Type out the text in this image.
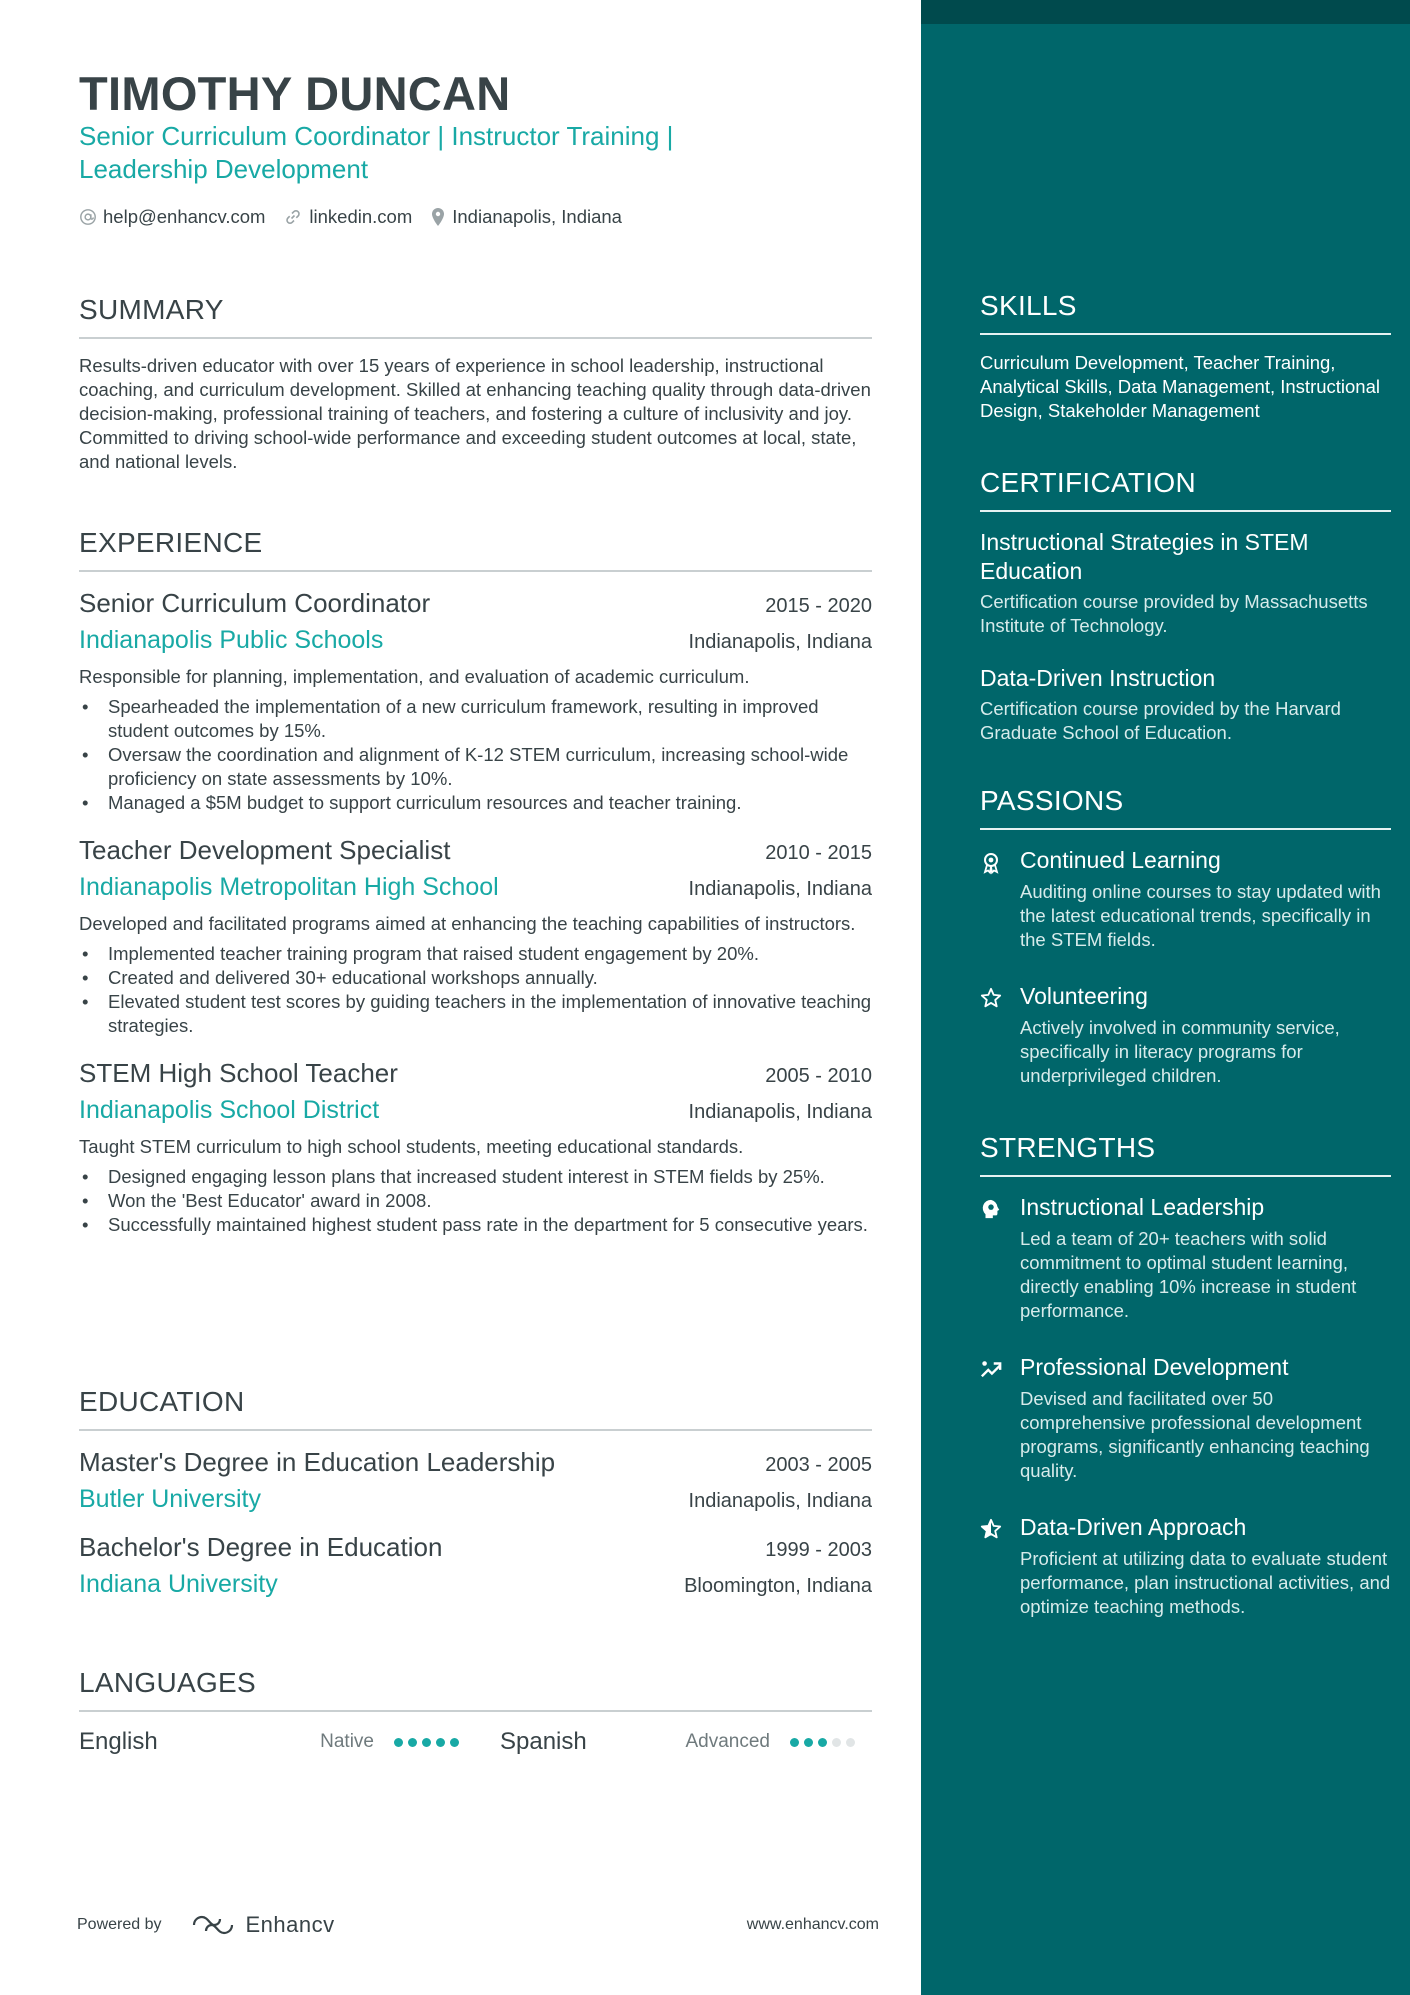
TIMOTHY DUNCAN
Senior Curriculum Coordinator | Instructor Training |
Leadership Development
help@enhancv.com linkedin.com Indianapolis, Indiana
SUMMARY
Results-driven educator with over 15 years of experience in school leadership, instructional coaching, and curriculum development. Skilled at enhancing teaching quality through data-driven decision-making, professional training of teachers, and fostering a culture of inclusivity and joy. Committed to driving school-wide performance and exceeding student outcomes at local, state, and national levels.
EXPERIENCE
Senior Curriculum Coordinator	2015 - 2020
Indianapolis Public Schools	Indianapolis, Indiana
Responsible for planning, implementation, and evaluation of academic curriculum.
• Spearheaded the implementation of a new curriculum framework, resulting in improved student outcomes by 15%.
• Oversaw the coordination and alignment of K-12 STEM curriculum, increasing school-wide proficiency on state assessments by 10%.
• Managed a $5M budget to support curriculum resources and teacher training.
Teacher Development Specialist	2010 - 2015
Indianapolis Metropolitan High School	Indianapolis, Indiana
Developed and facilitated programs aimed at enhancing the teaching capabilities of instructors.
• Implemented teacher training program that raised student engagement by 20%.
• Created and delivered 30+ educational workshops annually.
• Elevated student test scores by guiding teachers in the implementation of innovative teaching strategies.
STEM High School Teacher	2005 - 2010
Indianapolis School District	Indianapolis, Indiana
Taught STEM curriculum to high school students, meeting educational standards.
• Designed engaging lesson plans that increased student interest in STEM fields by 25%.
• Won the 'Best Educator' award in 2008.
• Successfully maintained highest student pass rate in the department for 5 consecutive years.
EDUCATION
Master's Degree in Education Leadership	2003 - 2005
Butler University	Indianapolis, Indiana
Bachelor's Degree in Education	1999 - 2003
Indiana University	Bloomington, Indiana
LANGUAGES
English	Native	Spanish	Advanced
SKILLS
Curriculum Development, Teacher Training, Analytical Skills, Data Management, Instructional Design, Stakeholder Management
CERTIFICATION
Instructional Strategies in STEM Education
Certification course provided by Massachusetts Institute of Technology.
Data-Driven Instruction
Certification course provided by the Harvard Graduate School of Education.
PASSIONS
Continued Learning
Auditing online courses to stay updated with the latest educational trends, specifically in the STEM fields.
Volunteering
Actively involved in community service, specifically in literacy programs for underprivileged children.
STRENGTHS
Instructional Leadership
Led a team of 20+ teachers with solid commitment to optimal student learning, directly enabling 10% increase in student performance.
Professional Development
Devised and facilitated over 50 comprehensive professional development programs, significantly enhancing teaching quality.
Data-Driven Approach
Proficient at utilizing data to evaluate student performance, plan instructional activities, and optimize teaching methods.
Powered by	Enhancv	www.enhancv.com
